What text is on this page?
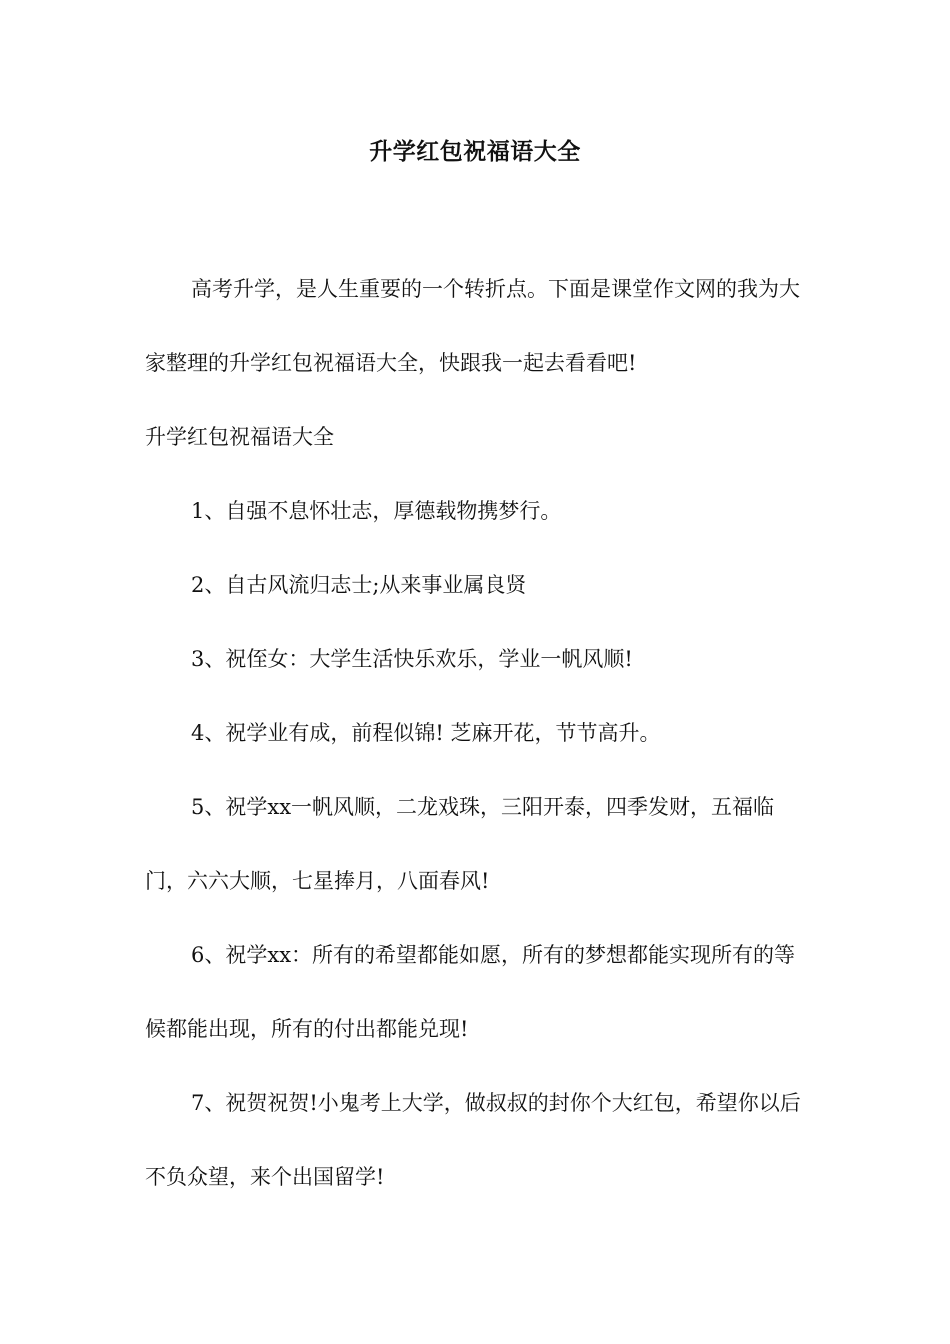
升学红包祝福语大全

高考升学，是人生重要的一个转折点。下面是课堂作文网的我为大家整理的升学红包祝福语大全，快跟我一起去看看吧!

升学红包祝福语大全

1、自强不息怀壮志，厚德载物携梦行。

2、自古风流归志士;从来事业属良贤

3、祝侄女：大学生活快乐欢乐，学业一帆风顺!

4、祝学业有成，前程似锦! 芝麻开花，节节高升。

5、祝学xx一帆风顺，二龙戏珠，三阳开泰，四季发财，五福临门，六六大顺，七星捧月，八面春风!

6、祝学xx：所有的希望都能如愿，所有的梦想都能实现所有的等候都能出现，所有的付出都能兑现!

7、祝贺祝贺!小鬼考上大学，做叔叔的封你个大红包，希望你以后不负众望，来个出国留学!
